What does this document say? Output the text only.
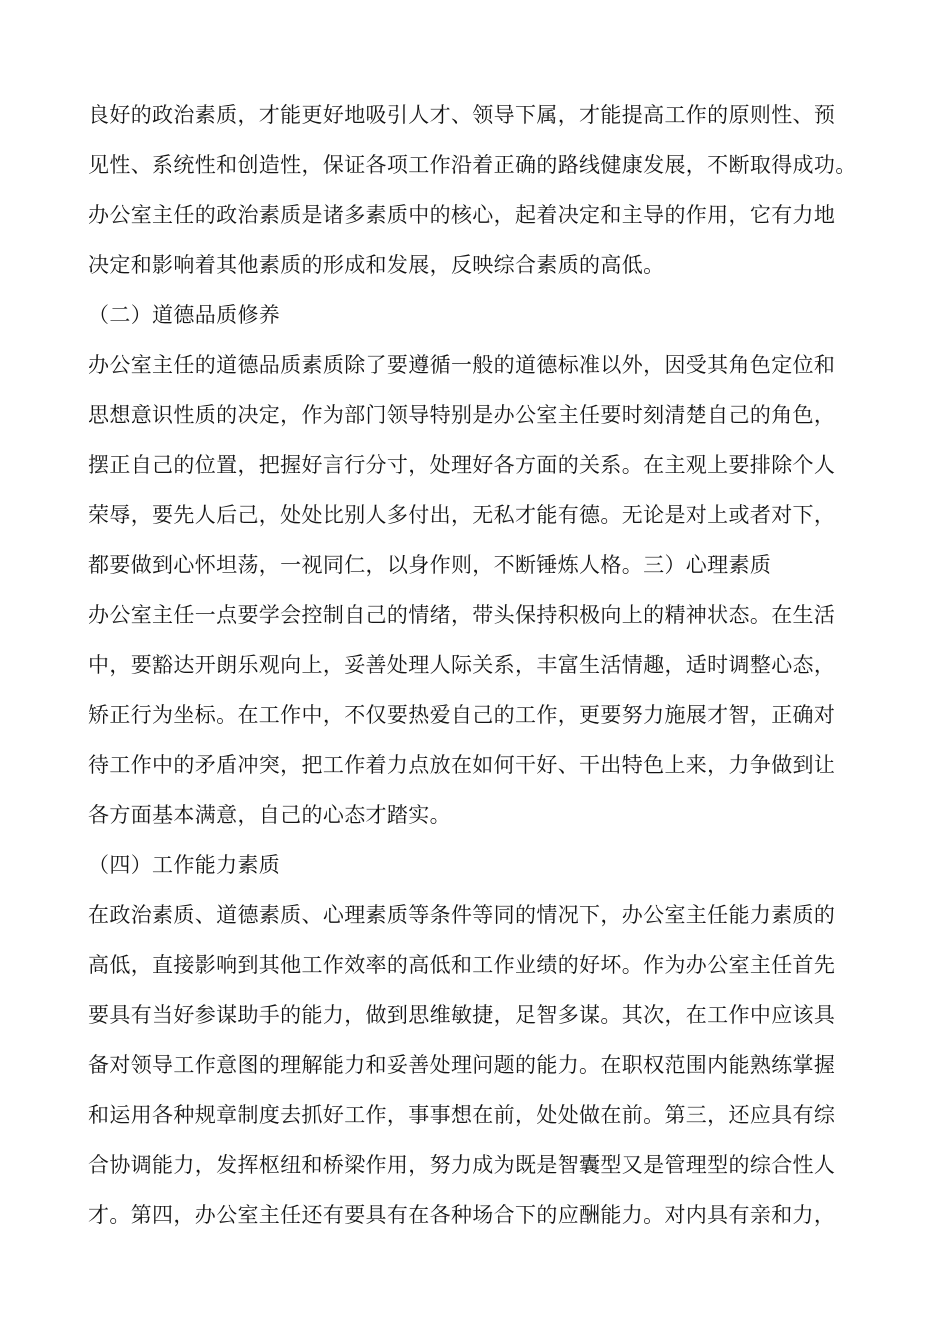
良好的政治素质，才能更好地吸引人才、领导下属，才能提高工作的原则性、预
见性、系统性和创造性，保证各项工作沿着正确的路线健康发展，不断取得成功。
办公室主任的政治素质是诸多素质中的核心，起着决定和主导的作用，它有力地
决定和影响着其他素质的形成和发展，反映综合素质的高低。
（二）道德品质修养
办公室主任的道德品质素质除了要遵循一般的道德标准以外，因受其角色定位和
思想意识性质的决定，作为部门领导特别是办公室主任要时刻清楚自己的角色，
摆正自己的位置，把握好言行分寸，处理好各方面的关系。在主观上要排除个人
荣辱，要先人后己，处处比别人多付出，无私才能有德。无论是对上或者对下，
都要做到心怀坦荡，一视同仁，以身作则，不断锤炼人格。三）心理素质
办公室主任一点要学会控制自己的情绪，带头保持积极向上的精神状态。在生活
中，要豁达开朗乐观向上，妥善处理人际关系，丰富生活情趣，适时调整心态，
矫正行为坐标。在工作中，不仅要热爱自己的工作，更要努力施展才智，正确对
待工作中的矛盾冲突，把工作着力点放在如何干好、干出特色上来，力争做到让
各方面基本满意，自己的心态才踏实。
（四）工作能力素质
在政治素质、道德素质、心理素质等条件等同的情况下，办公室主任能力素质的
高低，直接影响到其他工作效率的高低和工作业绩的好坏。作为办公室主任首先
要具有当好参谋助手的能力，做到思维敏捷，足智多谋。其次，在工作中应该具
备对领导工作意图的理解能力和妥善处理问题的能力。在职权范围内能熟练掌握
和运用各种规章制度去抓好工作，事事想在前，处处做在前。第三，还应具有综
合协调能力，发挥枢纽和桥梁作用，努力成为既是智囊型又是管理型的综合性人
才。第四，办公室主任还有要具有在各种场合下的应酬能力。对内具有亲和力，
